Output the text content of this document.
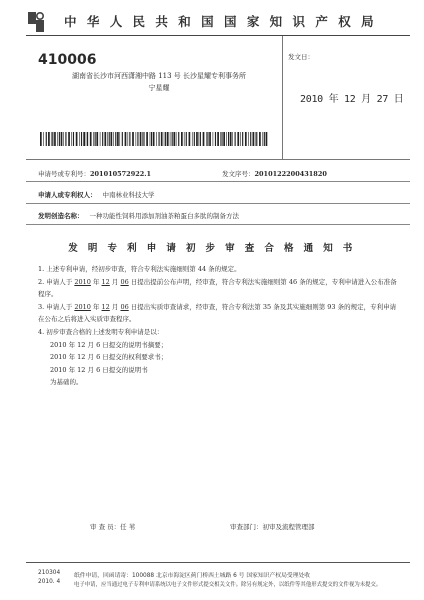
中 华 人 民 共 和 国 国 家 知 识 产 权 局
410006
湖南省长沙市河西潇湘中路 113 号 长沙星耀专利事务所
宁星耀
发文日：
2010 年 12 月 27 日
申请号或专利号：201010572922.1	发文序号：2010122200431820
申请人或专利权人： 中南林业科技大学
发明创造名称： 一种功能性饲料用添加剂油茶粕蛋白多肽的制备方法
发 明 专 利 申 请 初 步 审 查 合 格 通 知 书

1. 上述专利申请，经初步审查，符合专利法实施细则第 44 条的规定。

2. 申请人于 2010 年 12 月 06 日提出提前公布声明，经审查，符合专利法实施细则第 46 条的规定，专利申请进入公布准备程序。

3. 申请人于 2010 年 12 月 06 日提出实质审查请求，经审查，符合专利法第 35 条及其实施细则第 93 条的规定，专利申请在公布之后将进入实质审查程序。

4. 初步审查合格的上述发明专利申请是以：

2010 年 12 月 6 日提交的说明书摘要；

2010 年 12 月 6 日提交的权利要求书；

2010 年 12 月 6 日提交的说明书

为基础的。

审 查 员：任 苇	审查部门：初审及流程管理部
210304
2010. 4
纸件申请，回函请寄：100088 北京市海淀区蓟门桥西土城路 6 号 国家知识产权局受理处收
电子申请，应当通过电子专利申请系统以电子文件形式提交相关文件。除另有规定外，以纸件等其他形式提交的文件视为未提交。
